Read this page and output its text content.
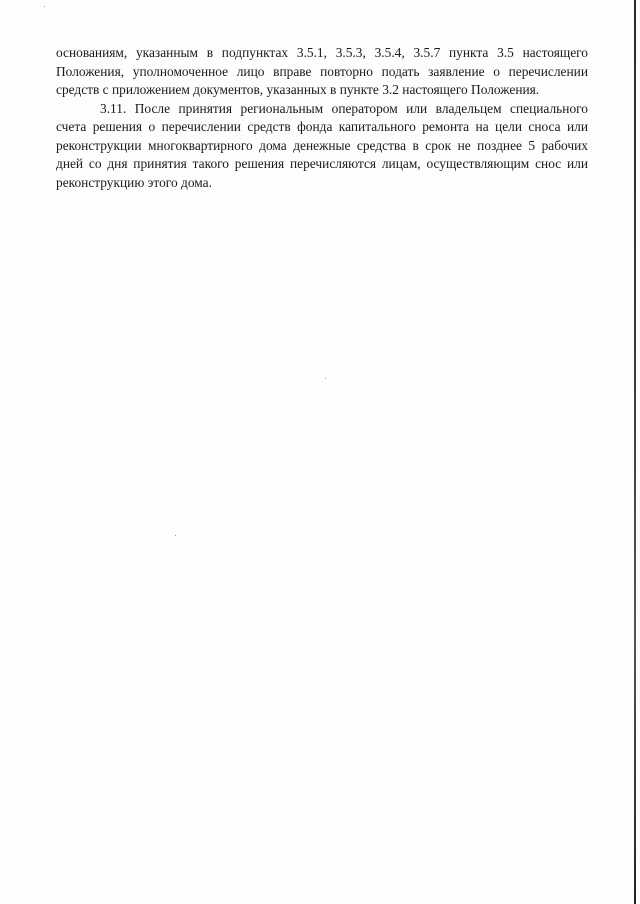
основаниям, указанным в подпунктах 3.5.1, 3.5.3, 3.5.4, 3.5.7 пункта 3.5 настоящего
Положения, уполномоченное лицо вправе повторно подать заявление о перечислении
средств с приложением документов, указанных в пункте 3.2 настоящего Положения.

3.11. После принятия региональным оператором или владельцем специального
счета решения о перечислении средств фонда капитального ремонта на цели сноса или
реконструкции многоквартирного дома денежные средства в срок не позднее 5 рабочих
дней со дня принятия такого решения перечисляются лицам, осуществляющим снос или
реконструкцию этого дома.
